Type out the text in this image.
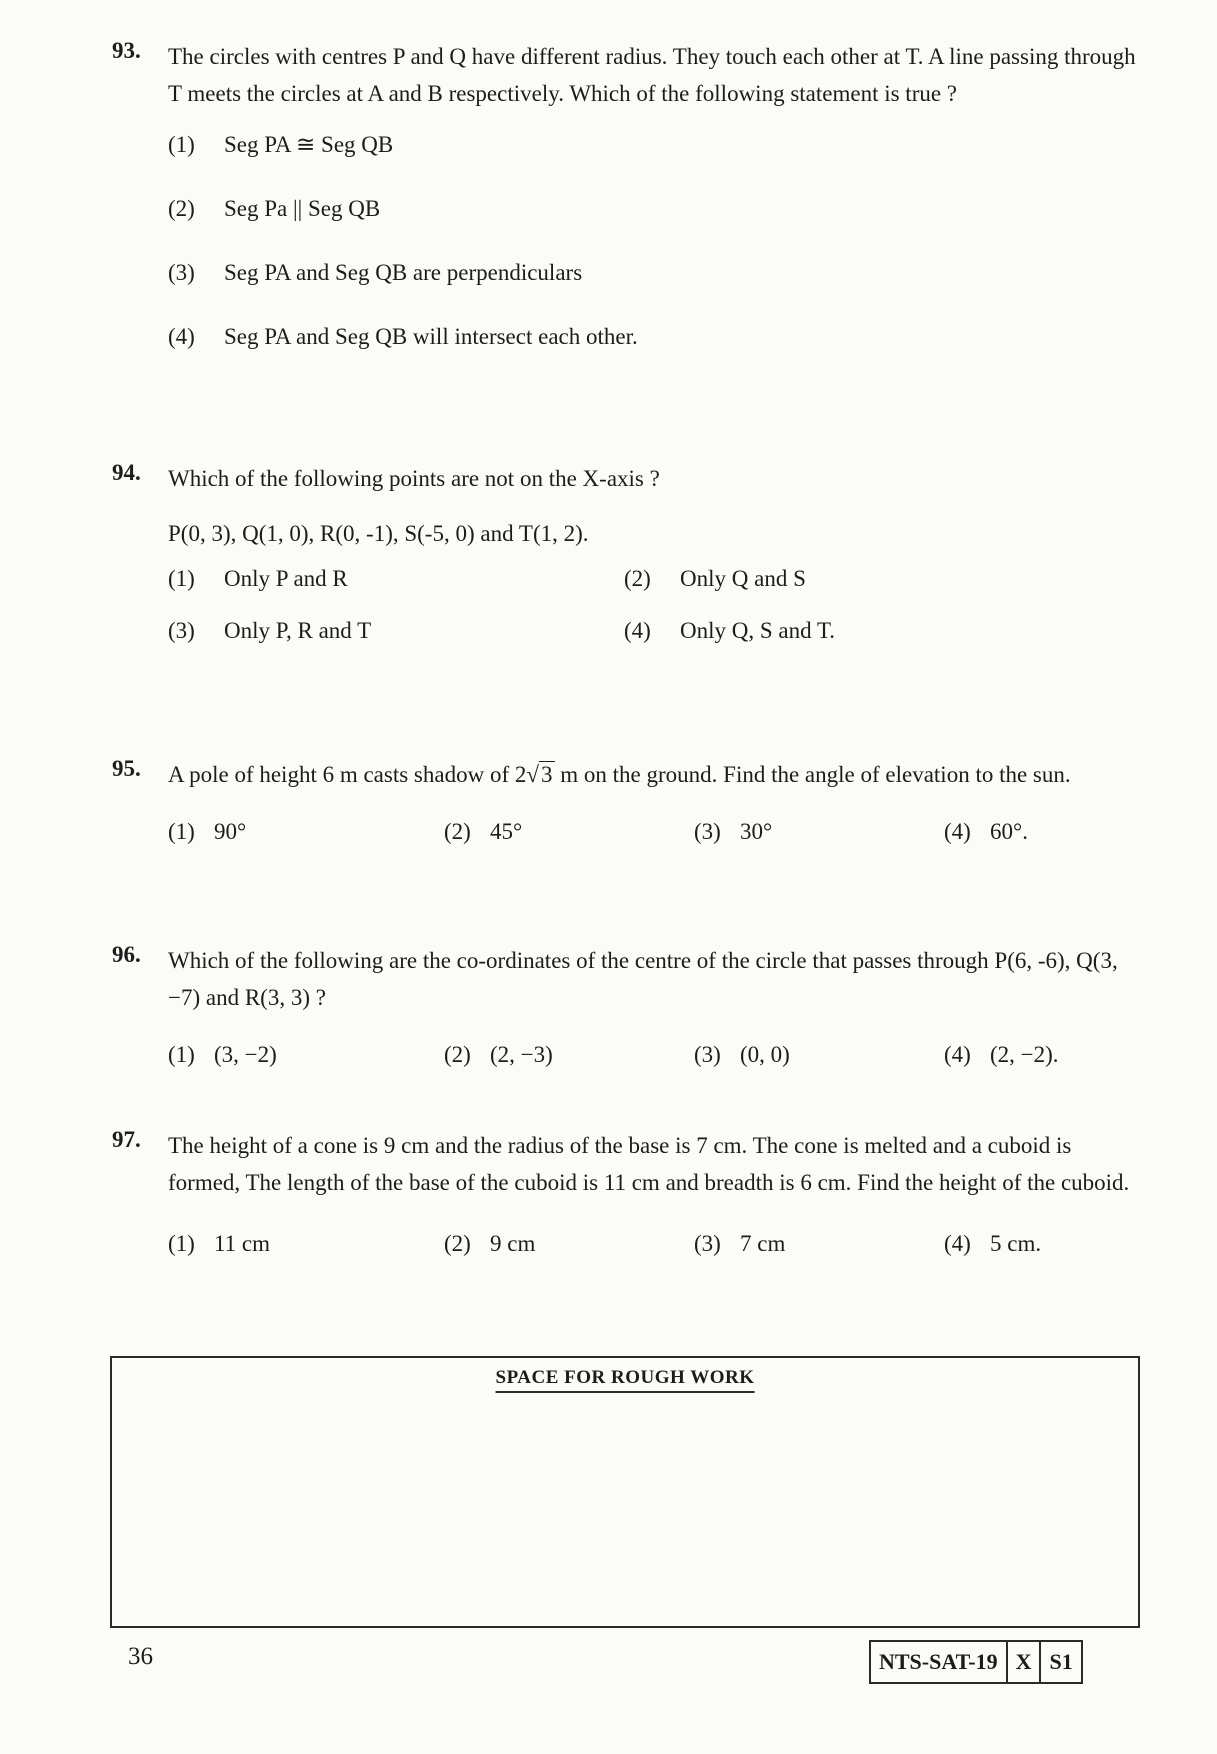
93. The circles with centres P and Q have different radius. They touch each other at T. A line passing through T meets the circles at A and B respectively. Which of the following statement is true ?
(1)	Seg PA ≅ Seg QB
(2)	Seg Pa || Seg QB
(3)	Seg PA and Seg QB are perpendiculars
(4)	Seg PA and Seg QB will intersect each other.
94. Which of the following points are not on the X-axis ?
P(0, 3), Q(1, 0), R(0, -1), S(-5, 0) and T(1, 2).
(1)	Only P and R	(2)	Only Q and S
(3)	Only P, R and T	(4)	Only Q, S and T.
95. A pole of height 6 m casts shadow of 2√3 m on the ground. Find the angle of elevation to the sun.
(1) 90°	(2) 45°	(3) 30°	(4) 60°.
96. Which of the following are the co-ordinates of the centre of the circle that passes through P(6, -6), Q(3, −7) and R(3, 3) ?
(1) (3, −2)	(2) (2, −3)	(3) (0, 0)	(4) (2, −2).
97. The height of a cone is 9 cm and the radius of the base is 7 cm. The cone is melted and a cuboid is formed, The length of the base of the cuboid is 11 cm and breadth is 6 cm. Find the height of the cuboid.
(1) 11 cm	(2) 9 cm	(3) 7 cm	(4) 5 cm.
SPACE FOR ROUGH WORK
36	NTS-SAT-19 X S1
